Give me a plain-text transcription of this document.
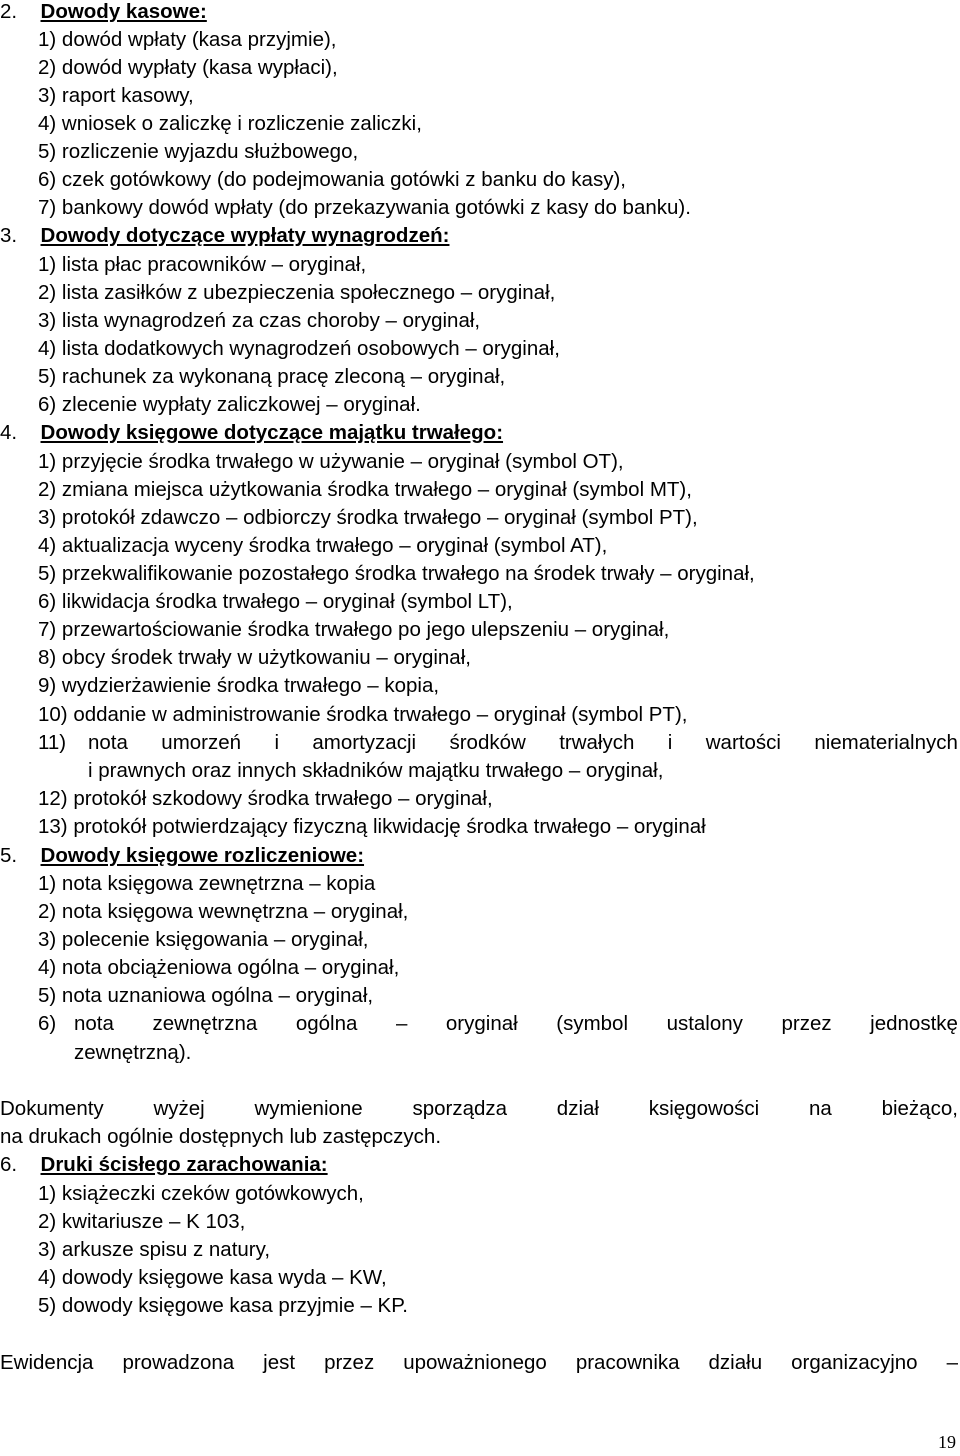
2. Dowody kasowe:
1) dowód wpłaty (kasa przyjmie),
2) dowód wypłaty (kasa wypłaci),
3) raport kasowy,
4) wniosek o zaliczkę i rozliczenie zaliczki,
5) rozliczenie wyjazdu służbowego,
6) czek gotówkowy (do podejmowania gotówki z banku do kasy),
7) bankowy dowód wpłaty (do przekazywania gotówki z kasy do banku).
3. Dowody dotyczące wypłaty wynagrodzeń:
1) lista płac pracowników – oryginał,
2) lista zasiłków z ubezpieczenia społecznego – oryginał,
3) lista wynagrodzeń za czas choroby – oryginał,
4) lista dodatkowych wynagrodzeń osobowych – oryginał,
5) rachunek za wykonaną pracę zleconą – oryginał,
6) zlecenie wypłaty zaliczkowej – oryginał.
4. Dowody księgowe dotyczące majątku trwałego:
1) przyjęcie środka trwałego w używanie – oryginał (symbol OT),
2) zmiana miejsca użytkowania środka trwałego – oryginał (symbol MT),
3) protokół zdawczo – odbiorczy środka trwałego – oryginał (symbol PT),
4) aktualizacja wyceny środka trwałego – oryginał (symbol AT),
5) przekwalifikowanie pozostałego środka trwałego na środek trwały – oryginał,
6) likwidacja środka trwałego – oryginał (symbol LT),
7) przewartościowanie środka trwałego po jego ulepszeniu – oryginał,
8) obcy środek trwały w użytkowaniu – oryginał,
9) wydzierżawienie środka trwałego – kopia,
10) oddanie w administrowanie środka trwałego – oryginał (symbol PT),
11) nota umorzeń i amortyzacji środków trwałych i wartości niematerialnych
i prawnych oraz innych składników majątku trwałego – oryginał,
12) protokół szkodowy środka trwałego – oryginał,
13) protokół potwierdzający fizyczną likwidację środka trwałego – oryginał
5. Dowody księgowe rozliczeniowe:
1) nota księgowa zewnętrzna – kopia
2) nota księgowa wewnętrzna – oryginał,
3) polecenie księgowania – oryginał,
4) nota obciążeniowa ogólna – oryginał,
5) nota uznaniowa ogólna – oryginał,
6) nota zewnętrzna ogólna – oryginał (symbol ustalony przez jednostkę
zewnętrzną).
Dokumenty wyżej wymienione sporządza dział księgowości na bieżąco,
na drukach ogólnie dostępnych lub zastępczych.
6. Druki ścisłego zarachowania:
1) książeczki czeków gotówkowych,
2) kwitariusze – K 103,
3) arkusze spisu z natury,
4) dowody księgowe kasa wyda – KW,
5) dowody księgowe kasa przyjmie – KP.
Ewidencja prowadzona jest przez upoważnionego pracownika działu organizacyjno –
19
